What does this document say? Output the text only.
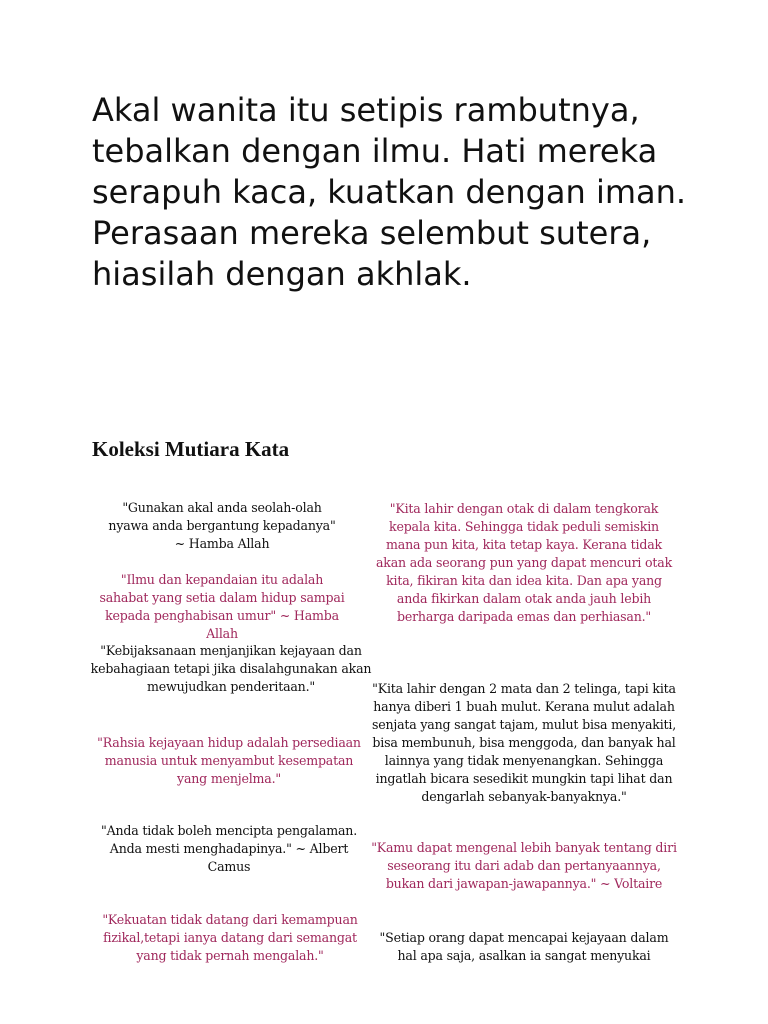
Akal wanita itu setipis rambutnya, tebalkan dengan ilmu. Hati mereka serapuh kaca, kuatkan dengan iman. Perasaan mereka selembut sutera, hiasilah dengan akhlak.

Koleksi Mutiara Kata

"Gunakan akal anda seolah-olah nyawa anda bergantung kepadanya" ~ Hamba Allah

"Ilmu dan kepandaian itu adalah sahabat yang setia dalam hidup sampai kepada penghabisan umur" ~ Hamba Allah

"Kebijaksanaan menjanjikan kejayaan dan kebahagiaan tetapi jika disalahgunakan akan mewujudkan penderitaan."

"Rahsia kejayaan hidup adalah persediaan manusia untuk menyambut kesempatan yang menjelma."

"Anda tidak boleh mencipta pengalaman. Anda mesti menghadapinya." ~ Albert Camus

"Kekuatan tidak datang dari kemampuan fizikal,tetapi ianya datang dari semangat yang tidak pernah mengalah."

"Kita lahir dengan otak di dalam tengkorak kepala kita. Sehingga tidak peduli semiskin mana pun kita, kita tetap kaya. Kerana tidak akan ada seorang pun yang dapat mencuri otak kita, fikiran kita dan idea kita. Dan apa yang anda fikirkan dalam otak anda jauh lebih berharga daripada emas dan perhiasan."

"Kita lahir dengan 2 mata dan 2 telinga, tapi kita hanya diberi 1 buah mulut. Kerana mulut adalah senjata yang sangat tajam, mulut bisa menyakiti, bisa membunuh, bisa menggoda, dan banyak hal lainnya yang tidak menyenangkan. Sehingga ingatlah bicara sesedikit mungkin tapi lihat dan dengarlah sebanyak-banyaknya."

"Kamu dapat mengenal lebih banyak tentang diri seseorang itu dari adab dan pertanyaannya, bukan dari jawapan-jawapannya." ~ Voltaire

"Setiap orang dapat mencapai kejayaan dalam hal apa saja, asalkan ia sangat menyukai
